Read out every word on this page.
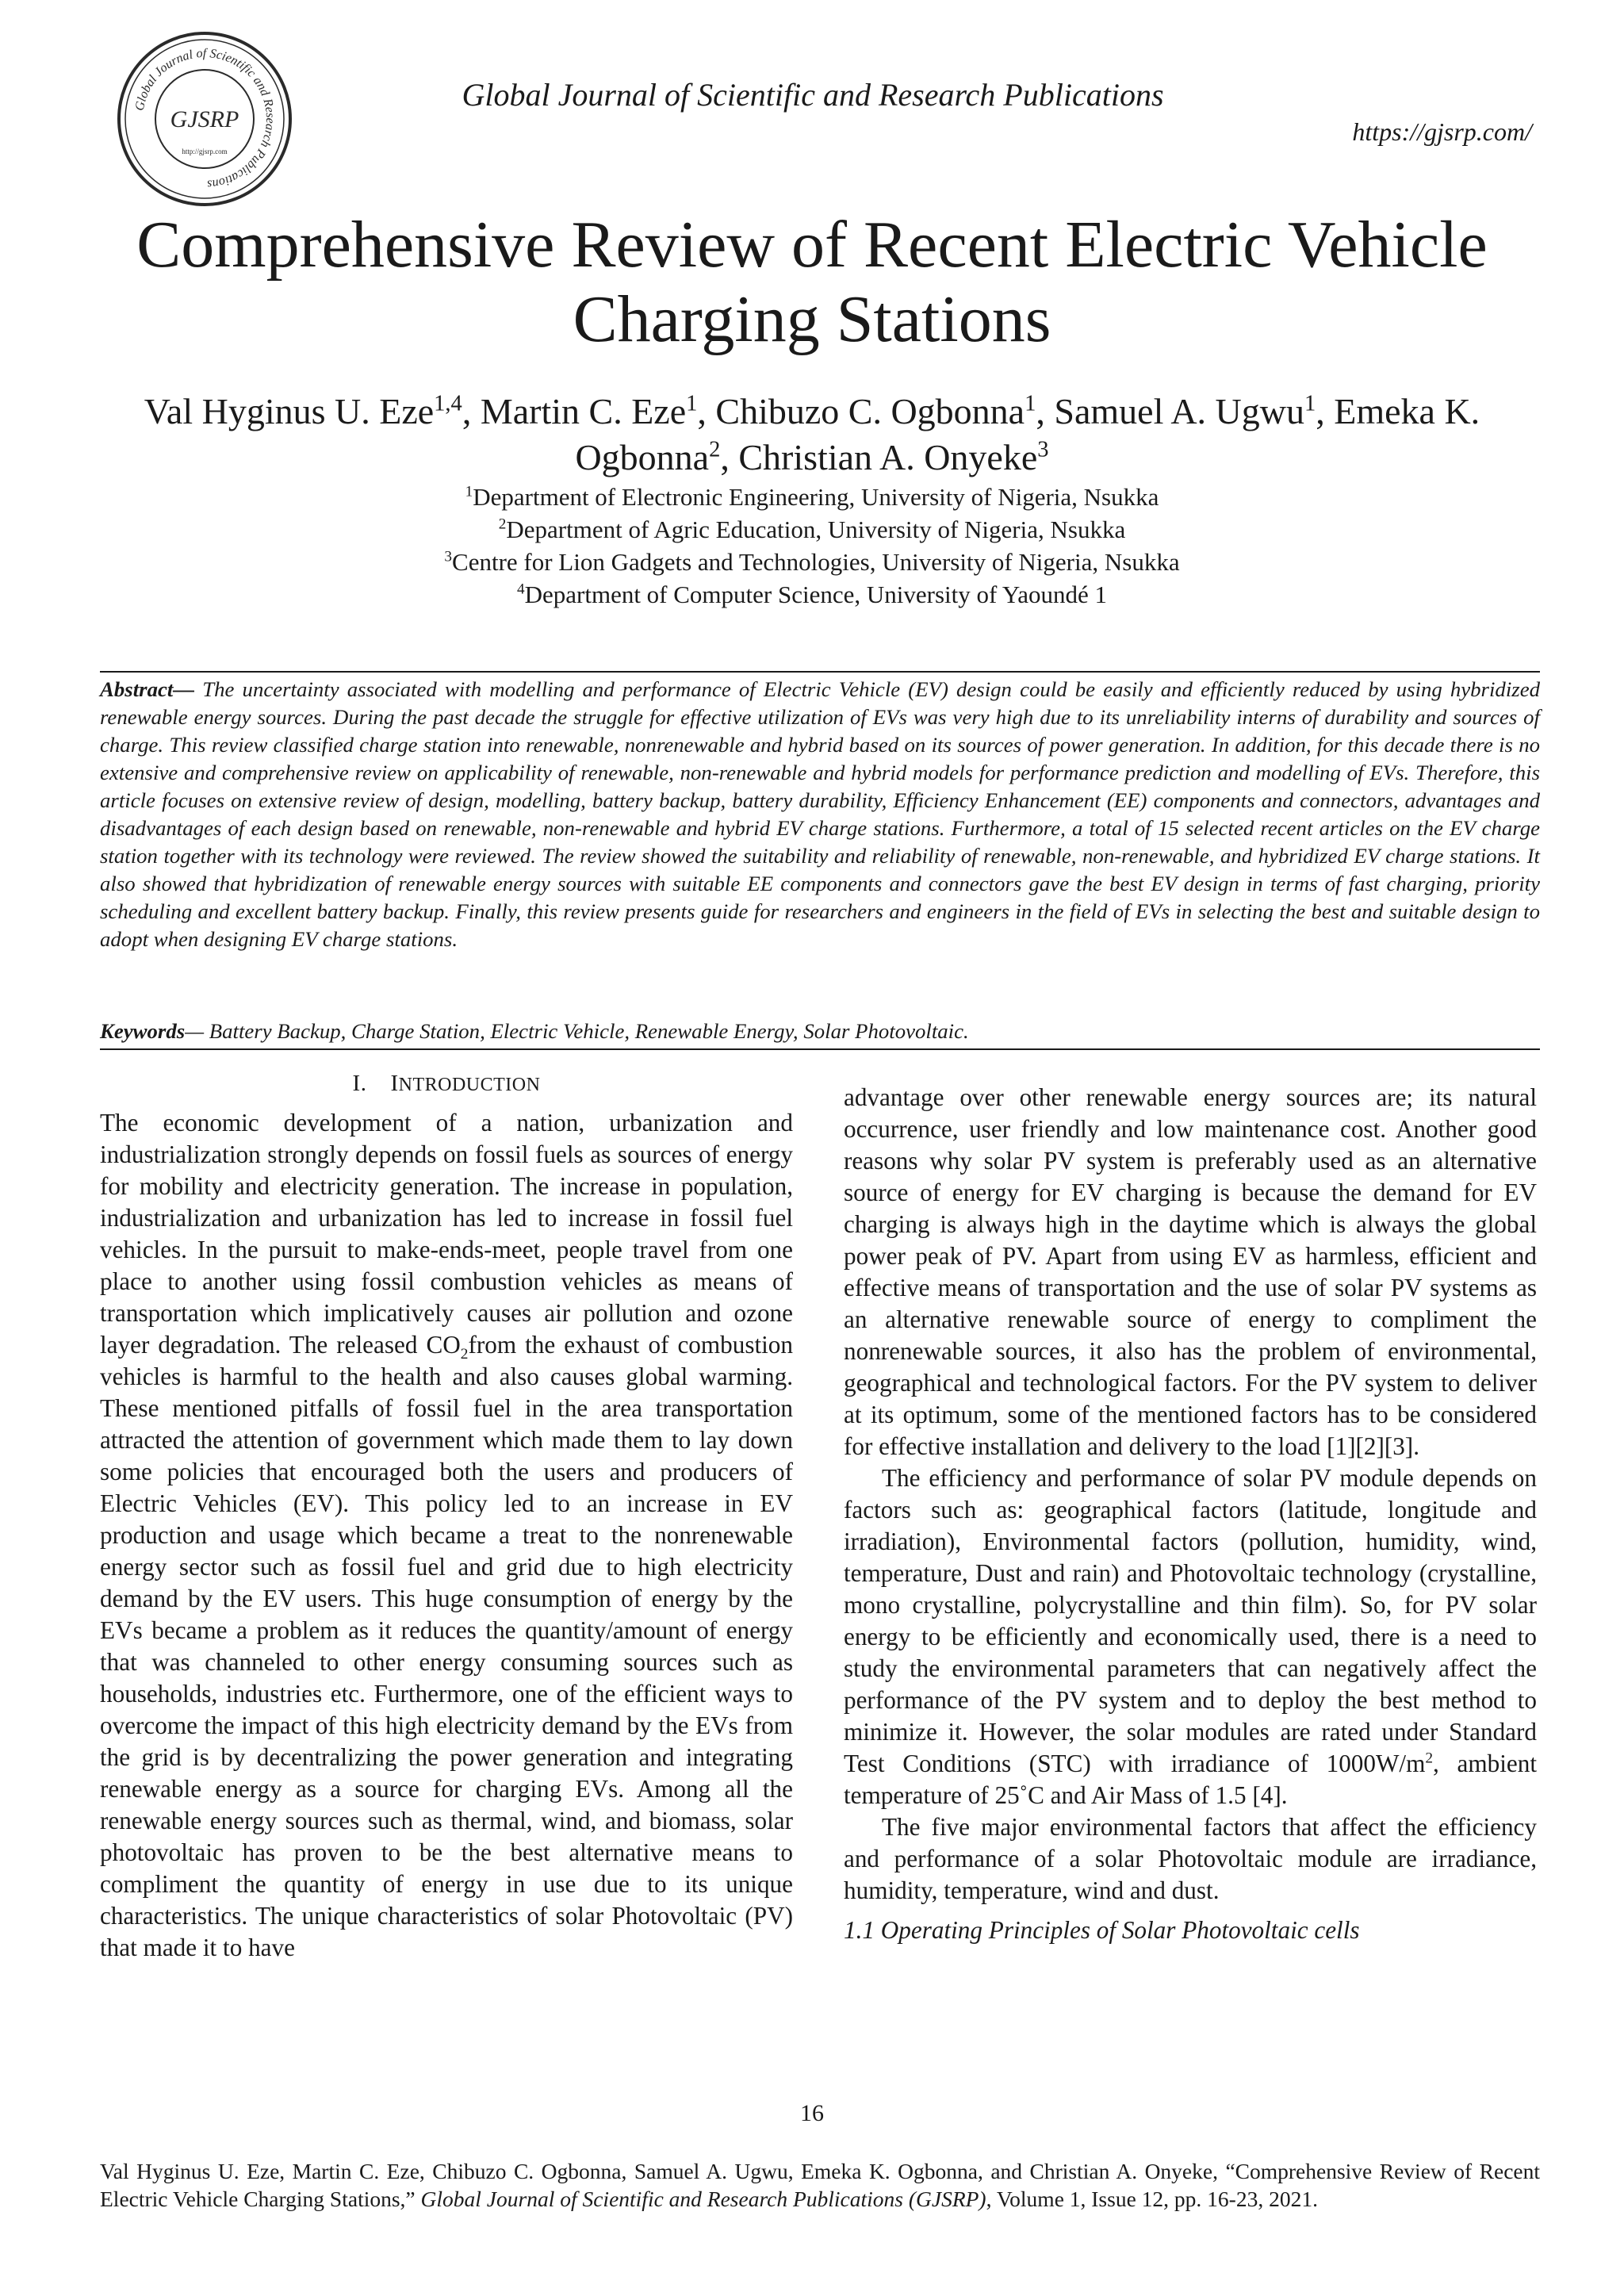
Global Journal of Scientific and Research Publications
GJSRP
http://gjsrp.com
Global Journal of Scientific and Research Publications
https://gjsrp.com/
Comprehensive Review of Recent Electric Vehicle
Charging Stations
Val Hyginus U. Eze$^{1,4}$, Martin C. Eze$^1$, Chibuzo C. Ogbonna$^1$, Samuel A. Ugwu$^1$, Emeka K.
Ogbonna$^2$, Christian A. Onyeke$^3$
$^1$Department of Electronic Engineering, University of Nigeria, Nsukka
$^2$Department of Agric Education, University of Nigeria, Nsukka
$^3$Centre for Lion Gadgets and Technologies, University of Nigeria, Nsukka
$^4$Department of Computer Science, University of Yaoundé 1

Abstract— The uncertainty associated with modelling and performance of Electric Vehicle (EV) design could be easily and efficiently reduced by using hybridized renewable energy sources. During the past decade the struggle for effective utilization of EVs was very high due to its unreliability interns of durability and sources of charge. This review classified charge station into renewable, nonrenewable and hybrid based on its sources of power generation. In addition, for this decade there is no extensive and comprehensive review on applicability of renewable, non-renewable and hybrid models for performance prediction and modelling of EVs. Therefore, this article focuses on extensive review of design, modelling, battery backup, battery durability, Efficiency Enhancement (EE) components and connectors, advantages and disadvantages of each design based on renewable, non-renewable and hybrid EV charge stations. Furthermore, a total of 15 selected recent articles on the EV charge station together with its technology were reviewed. The review showed the suitability and reliability of renewable, non-renewable, and hybridized EV charge stations. It also showed that hybridization of renewable energy sources with suitable EE components and connectors gave the best EV design in terms of fast charging, priority scheduling and excellent battery backup. Finally, this review presents guide for researchers and engineers in the field of EVs in selecting the best and suitable design to adopt when designing EV charge stations.

Keywords— Battery Backup, Charge Station, Electric Vehicle, Renewable Energy, Solar Photovoltaic.

I. INTRODUCTION

The economic development of a nation, urbanization and industrialization strongly depends on fossil fuels as sources of energy for mobility and electricity generation. The increase in population, industrialization and urbanization has led to increase in fossil fuel vehicles. In the pursuit to make-ends-meet, people travel from one place to another using fossil combustion vehicles as means of transportation which implicatively causes air pollution and ozone layer degradation. The released $CO_2from$ the exhaust of combustion vehicles is harmful to the health and also causes global warming. These mentioned pitfalls of fossil fuel in the area transportation attracted the attention of government which made them to lay down some policies that encouraged both the users and producers of Electric Vehicles (EV). This policy led to an increase in EV production and usage which became a treat to the nonrenewable energy sector such as fossil fuel and grid due to high electricity demand by the EV users. This huge consumption of energy by the EVs became a problem as it reduces the quantity/amount of energy that was channeled to other energy consuming sources such as households, industries etc. Furthermore, one of the efficient ways to overcome the impact of this high electricity demand by the EVs from the grid is by decentralizing the power generation and integrating renewable energy as a source for charging EVs. Among all the renewable energy sources such as thermal, wind, and biomass, solar photovoltaic has proven to be the best alternative means to compliment the quantity of energy in use due to its unique characteristics. The unique characteristics of solar Photovoltaic (PV) that made it to have

advantage over other renewable energy sources are; its natural occurrence, user friendly and low maintenance cost. Another good reasons why solar PV system is preferably used as an alternative source of energy for EV charging is because the demand for EV charging is always high in the daytime which is always the global power peak of PV. Apart from using EV as harmless, efficient and effective means of transportation and the use of solar PV systems as an alternative renewable source of energy to compliment the nonrenewable sources, it also has the problem of environmental, geographical and technological factors. For the PV system to deliver at its optimum, some of the mentioned factors has to be considered for effective installation and delivery to the load [1][2][3].

The efficiency and performance of solar PV module depends on factors such as: geographical factors (latitude, longitude and irradiation), Environmental factors (pollution, humidity, wind, temperature, Dust and rain) and Photovoltaic technology (crystalline, mono crystalline, polycrystalline and thin film). So, for PV solar energy to be efficiently and economically used, there is a need to study the environmental parameters that can negatively affect the performance of the PV system and to deploy the best method to minimize it. However, the solar modules are rated under Standard Test Conditions (STC) with irradiance of $1000W/m^2$, ambient temperature of 25˚C and Air Mass of 1.5 [4].

The five major environmental factors that affect the efficiency and performance of a solar Photovoltaic module are irradiance, humidity, temperature, wind and dust.

1.1 Operating Principles of Solar Photovoltaic cells

16

Val Hyginus U. Eze, Martin C. Eze, Chibuzo C. Ogbonna, Samuel A. Ugwu, Emeka K. Ogbonna, and Christian A. Onyeke, “Comprehensive Review of Recent Electric Vehicle Charging Stations,” Global Journal of Scientific and Research Publications (GJSRP), Volume 1, Issue 12, pp. 16-23, 2021.
